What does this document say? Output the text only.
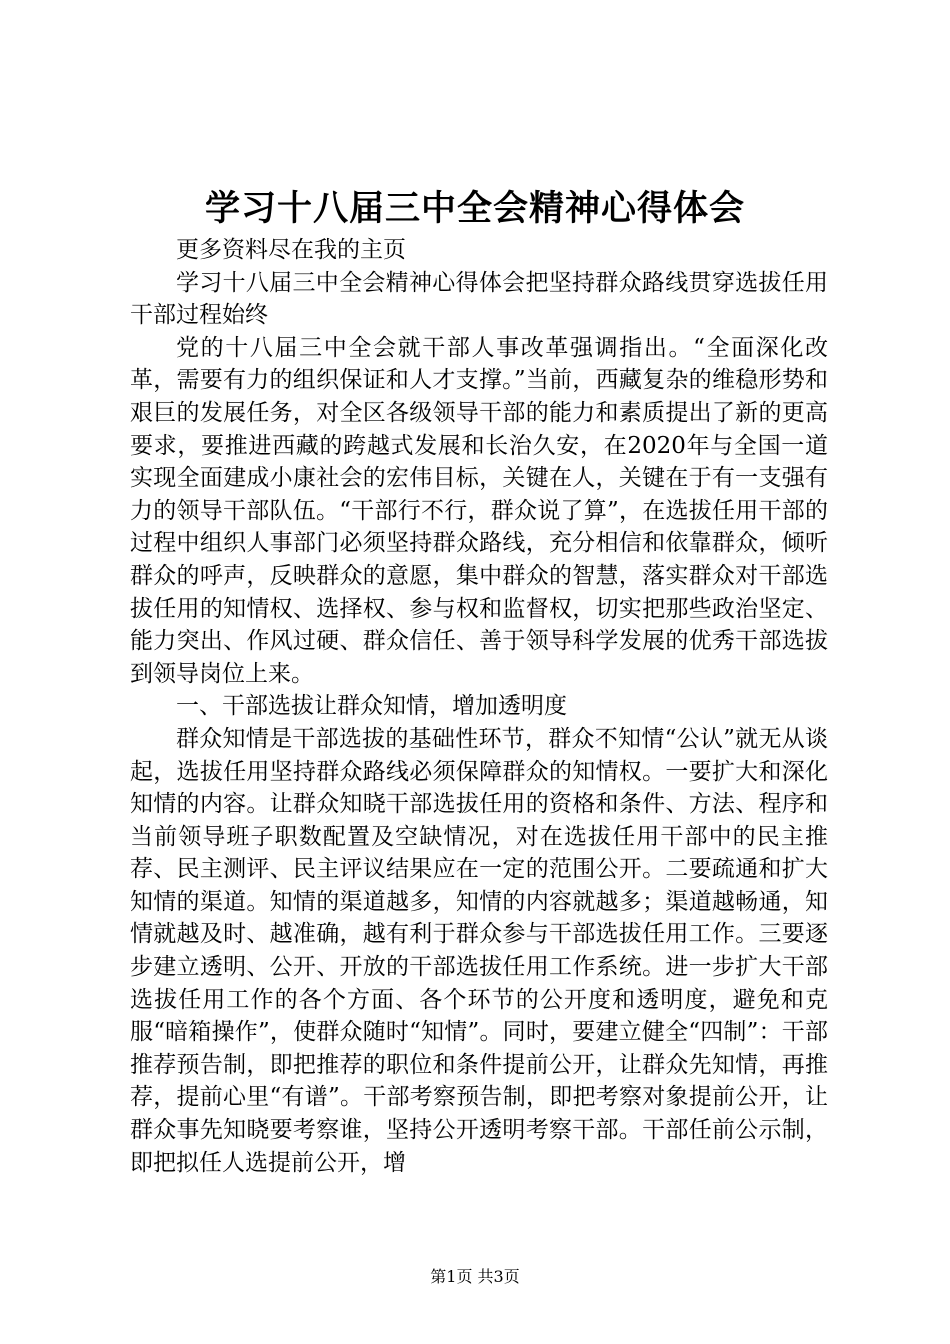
学习十八届三中全会精神心得体会

更多资料尽在我的主页

学习十八届三中全会精神心得体会把坚持群众路线贯穿选拔任用干部过程始终

党的十八届三中全会就干部人事改革强调指出。“全面深化改革，需要有力的组织保证和人才支撑。”当前，西藏复杂的维稳形势和艰巨的发展任务，对全区各级领导干部的能力和素质提出了新的更高要求，要推进西藏的跨越式发展和长治久安，在2020年与全国一道实现全面建成小康社会的宏伟目标，关键在人，关键在于有一支强有力的领导干部队伍。“干部行不行，群众说了算”，在选拔任用干部的过程中组织人事部门必须坚持群众路线，充分相信和依靠群众，倾听群众的呼声，反映群众的意愿，集中群众的智慧，落实群众对干部选拔任用的知情权、选择权、参与权和监督权，切实把那些政治坚定、能力突出、作风过硬、群众信任、善于领导科学发展的优秀干部选拔到领导岗位上来。

一、干部选拔让群众知情，增加透明度

群众知情是干部选拔的基础性环节，群众不知情“公认”就无从谈起，选拔任用坚持群众路线必须保障群众的知情权。一要扩大和深化知情的内容。让群众知晓干部选拔任用的资格和条件、方法、程序和当前领导班子职数配置及空缺情况，对在选拔任用干部中的民主推荐、民主测评、民主评议结果应在一定的范围公开。二要疏通和扩大知情的渠道。知情的渠道越多，知情的内容就越多；渠道越畅通，知情就越及时、越准确，越有利于群众参与干部选拔任用工作。三要逐步建立透明、公开、开放的干部选拔任用工作系统。进一步扩大干部选拔任用工作的各个方面、各个环节的公开度和透明度，避免和克服“暗箱操作”，使群众随时“知情”。同时，要建立健全“四制”：干部推荐预告制，即把推荐的职位和条件提前公开，让群众先知情，再推荐，提前心里“有谱”。干部考察预告制，即把考察对象提前公开，让群众事先知晓要考察谁，坚持公开透明考察干部。干部任前公示制，即把拟任人选提前公开，增

第1页 共3页
